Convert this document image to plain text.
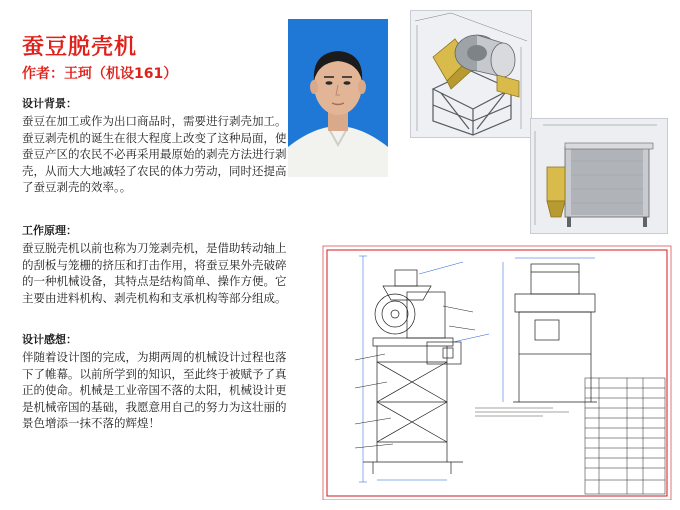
蚕豆脱壳机
作者：王珂（机设161）
设计背景：
蚕豆在加工或作为出口商品时，需要进行剥壳加工。蚕豆剥壳机的诞生在很大程度上改变了这种局面，使蚕豆产区的农民不必再采用最原始的剥壳方法进行剥壳，从而大大地减轻了农民的体力劳动，同时还提高了蚕豆剥壳的效率。。
工作原理：
蚕豆脱壳机以前也称为刀笼剥壳机，是借助转动轴上的刮板与笼栅的挤压和打击作用，将蚕豆果外壳破碎的一种机械设备，其特点是结构简单、操作方便。它主要由进料机构、剥壳机构和支承机构等部分组成。
设计感想：
伴随着设计图的完成，为期两周的机械设计过程也落下了帷幕。以前所学到的知识，至此终于被赋予了真正的使命。机械是工业帝国不落的太阳，机械设计更是机械帝国的基础，我愿意用自己的努力为这壮丽的景色增添一抹不落的辉煌！
